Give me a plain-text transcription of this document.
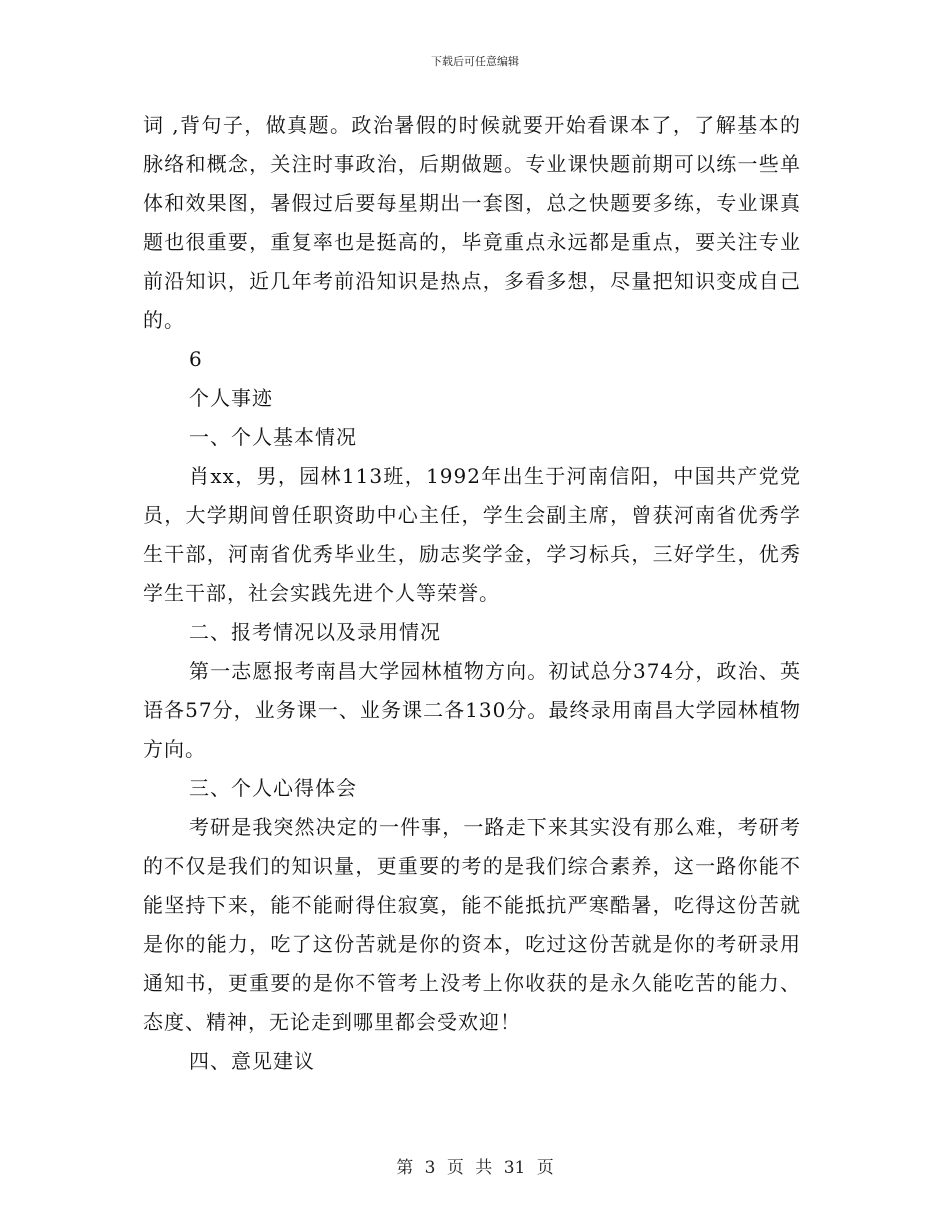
下载后可任意编辑

词 ,背句子，做真题。政治暑假的时候就要开始看课本了，了解基本的脉络和概念，关注时事政治，后期做题。专业课快题前期可以练一些单体和效果图，暑假过后要每星期出一套图，总之快题要多练，专业课真题也很重要，重复率也是挺高的，毕竟重点永远都是重点，要关注专业前沿知识，近几年考前沿知识是热点，多看多想，尽量把知识变成自己的。

6

个人事迹

一、个人基本情况

肖xx，男，园林113班，1992年出生于河南信阳，中国共产党党员，大学期间曾任职资助中心主任，学生会副主席，曾获河南省优秀学生干部，河南省优秀毕业生，励志奖学金，学习标兵，三好学生，优秀学生干部，社会实践先进个人等荣誉。

二、报考情况以及录用情况

第一志愿报考南昌大学园林植物方向。初试总分374分，政治、英语各57分，业务课一、业务课二各130分。最终录用南昌大学园林植物方向。

三、个人心得体会

考研是我突然决定的一件事，一路走下来其实没有那么难，考研考的不仅是我们的知识量，更重要的考的是我们综合素养，这一路你能不能坚持下来，能不能耐得住寂寞，能不能抵抗严寒酷暑，吃得这份苦就是你的能力，吃了这份苦就是你的资本，吃过这份苦就是你的考研录用通知书，更重要的是你不管考上没考上你收获的是永久能吃苦的能力、态度、精神，无论走到哪里都会受欢迎！

四、意见建议

第 3 页 共 31 页
